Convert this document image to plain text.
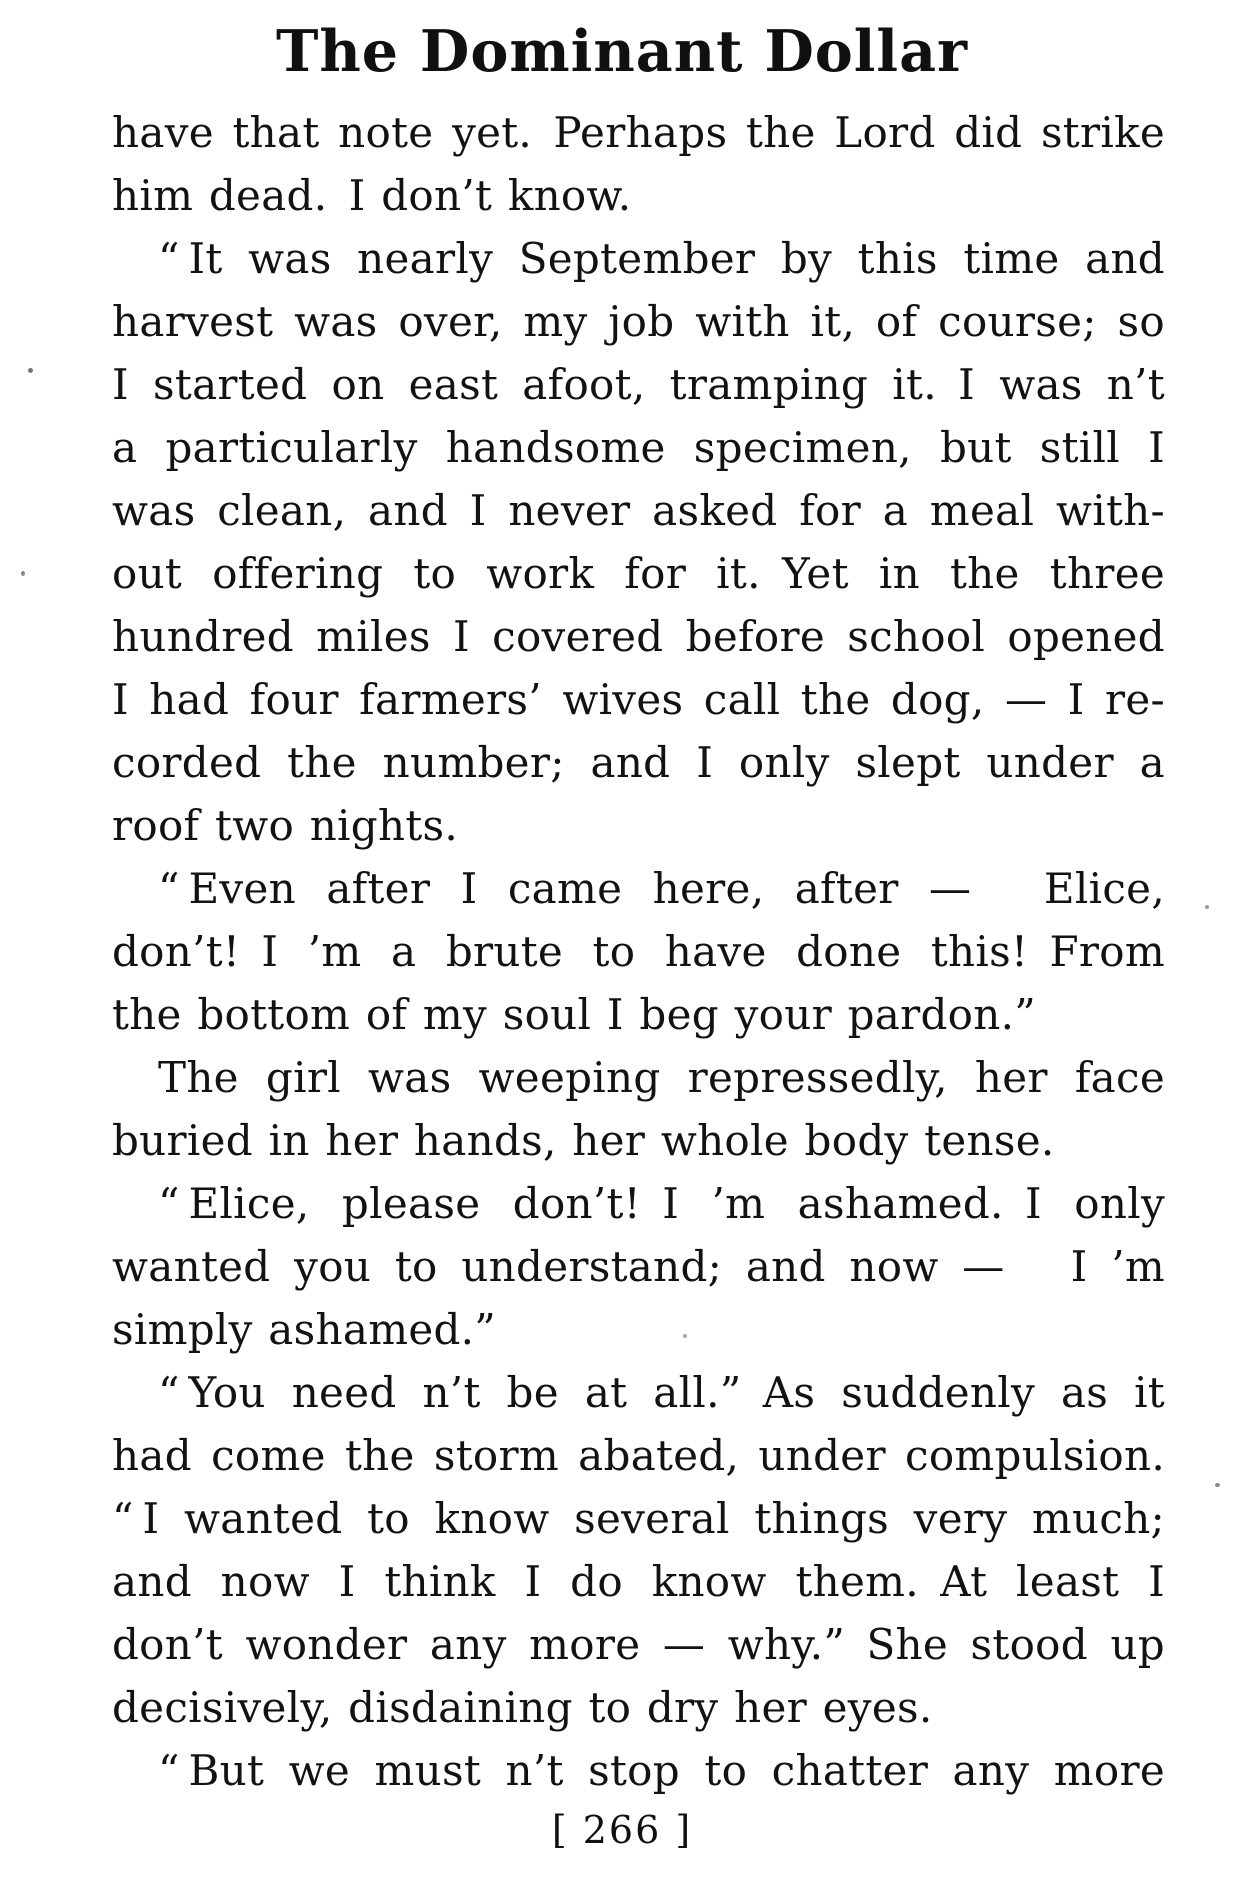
The Dominant Dollar

have that note yet. Perhaps the Lord did strike
him dead. I don’t know.

“ It was nearly September by this time and
harvest was over, my job with it, of course; so
I started on east afoot, tramping it. I was n’t
a particularly handsome specimen, but still I
was clean, and I never asked for a meal with-
out offering to work for it. Yet in the three
hundred miles I covered before school opened
I had four farmers’ wives call the dog, — I re-
corded the number; and I only slept under a
roof two nights.

“ Even after I came here, after —  Elice,
don’t! I ’m a brute to have done this! From
the bottom of my soul I beg your pardon.”

The girl was weeping repressedly, her face
buried in her hands, her whole body tense.

“ Elice, please don’t! I ’m ashamed. I only
wanted you to understand; and now —  I ’m
simply ashamed.”

“ You need n’t be at all.” As suddenly as it
had come the storm abated, under compulsion.
“ I wanted to know several things very much;
and now I think I do know them. At least I
don’t wonder any more — why.” She stood up
decisively, disdaining to dry her eyes.

“ But we must n’t stop to chatter any more

[ 266 ]
